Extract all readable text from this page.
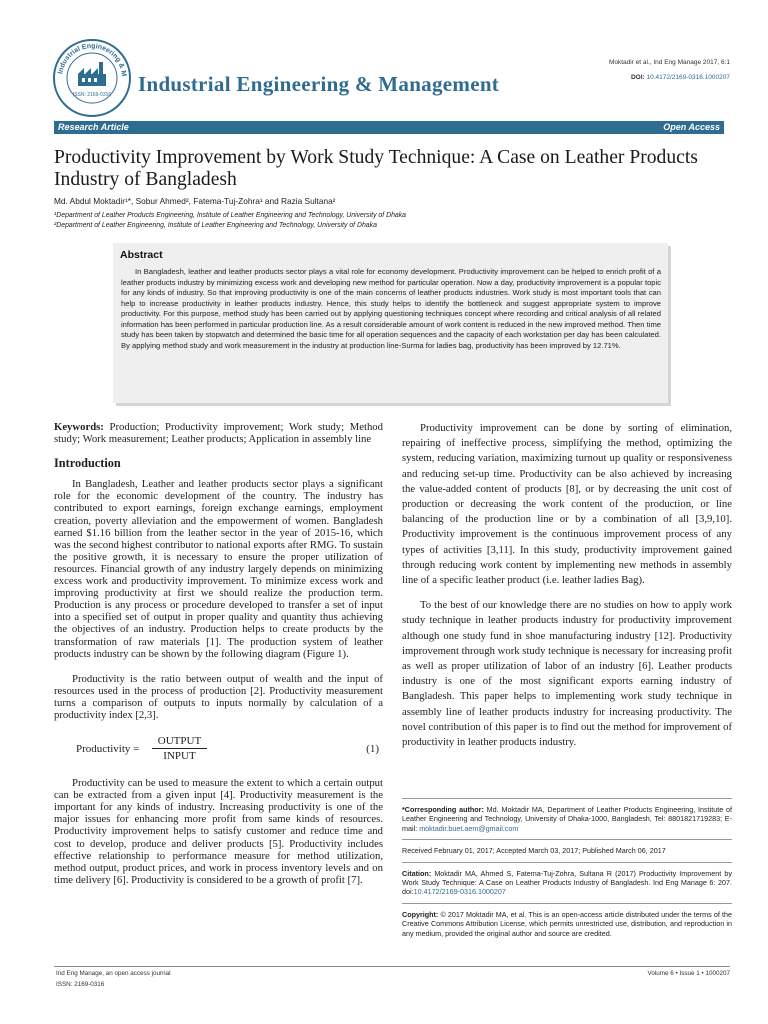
Industrial Engineering & M
ISSN: 2169-0316 Industrial Engineering & Management
Moktadir et al., Ind Eng Manage 2017, 6:1
DOI: 10.4172/2169-0316.1000207
Research Article	Open Access
Productivity Improvement by Work Study Technique: A Case on Leather Products Industry of Bangladesh
Md. Abdul Moktadir¹*, Sobur Ahmed², Fatema-Tuj-Zohra¹ and Razia Sultana²
¹Department of Leather Products Engineering, Institute of Leather Engineering and Technology, University of Dhaka
²Department of Leather Engineering, Institute of Leather Engineering and Technology, University of Dhaka
Abstract

In Bangladesh, leather and leather products sector plays a vital role for economy development. Productivity improvement can be helped to enrich profit of a leather products industry by minimizing excess work and developing new method for particular operation. Now a day, productivity improvement is a popular topic for any kinds of industry. So that improving productivity is one of the main concerns of leather products industries. Work study is most important tools that can help to increase productivity in leather products industry. Hence, this study helps to identify the bottleneck and suggest appropriate system to improve productivity. For this purpose, method study has been carried out by applying questioning techniques concept where recording and critical analysis of all related information has been performed in particular production line. As a result considerable amount of work content is reduced in the new improved method. Then time study has been taken by stopwatch and determined the basic time for all operation sequences and the capacity of each workstation per day has been calculated. By applying method study and work measurement in the industry at production line-Surma for ladies bag, productivity has been improved by 12.71%.

Keywords: Production; Productivity improvement; Work study; Method study; Work measurement; Leather products; Application in assembly line

Introduction

In Bangladesh, Leather and leather products sector plays a significant role for the economic development of the country. The industry has contributed to export earnings, foreign exchange earnings, employment creation, poverty alleviation and the empowerment of women. Bangladesh earned $1.16 billion from the leather sector in the year of 2015-16, which was the second highest contributor to national exports after RMG. To sustain the positive growth, it is necessary to ensure the proper utilization of resources. Financial growth of any industry largely depends on minimizing excess work and productivity improvement. To minimize excess work and improving productivity at first we should realize the production term. Production is any process or procedure developed to transfer a set of input into a specified set of output in proper quality and quantity thus achieving the objectives of an industry. Production helps to create products by the transformation of raw materials [1]. The production system of leather products industry can be shown by the following diagram (Figure 1).

Productivity is the ratio between output of wealth and the input of resources used in the process of production [2]. Productivity measurement turns a comparison of outputs to inputs normally by calculation of a productivity index [2,3].

Productivity =
OUTPUT
INPUT
(1)

Productivity can be used to measure the extent to which a certain output can be extracted from a given input [4]. Productivity measurement is the important for any kinds of industry. Increasing productivity is one of the major issues for enhancing more profit from same kinds of resources. Productivity improvement helps to satisfy customer and reduce time and cost to develop, produce and deliver products [5]. Productivity includes effective relationship to performance measure for method utilization, method output, product prices, and work in process inventory levels and on time delivery [6]. Productivity is considered to be a growth of profit [7].

Productivity improvement can be done by sorting of elimination, repairing of ineffective process, simplifying the method, optimizing the system, reducing variation, maximizing turnout up quality or responsiveness and reducing set-up time. Productivity can be also achieved by increasing the value-added content of products [8], or by decreasing the unit cost of production or decreasing the work content of the production, or line balancing of the production line or by a combination of all [3,9,10]. Productivity improvement is the continuous improvement process of any types of activities [3,11]. In this study, productivity improvement gained through reducing work content by implementing new methods in assembly line of a specific leather product (i.e. leather ladies Bag).

To the best of our knowledge there are no studies on how to apply work study technique in leather products industry for productivity improvement although one study fund in shoe manufacturing industry [12]. Productivity improvement through work study technique is necessary for increasing profit as well as proper utilization of labor of an industry [6]. Leather products industry is one of the most significant exports earning industry of Bangladesh. This paper helps to implementing work study technique in assembly line of leather products industry for increasing productivity. The novel contribution of this paper is to find out the method for improvement of productivity in leather products industry.

*Corresponding author: Md. Moktadir MA, Department of Leather Products Engineering, Institute of Leather Engineering and Technology, University of Dhaka-1000, Bangladesh, Tel: 8801821719283; E-mail: moktadir.buet.aem@gmail.com

Received February 01, 2017; Accepted March 03, 2017; Published March 06, 2017

Citation: Moktadir MA, Ahmed S, Fatema-Tuj-Zohra, Sultana R (2017) Productivity Improvement by Work Study Technique: A Case on Leather Products Industry of Bangladesh. Ind Eng Manage 6: 207. doi:10.4172/2169-0316.1000207

Copyright: © 2017 Moktadir MA, et al. This is an open-access article distributed under the terms of the Creative Commons Attribution License, which permits unrestricted use, distribution, and reproduction in any medium, provided the original author and source are credited.

Ind Eng Manage, an open access journal
ISSN: 2169-0316
Volume 6 • Issue 1 • 1000207
